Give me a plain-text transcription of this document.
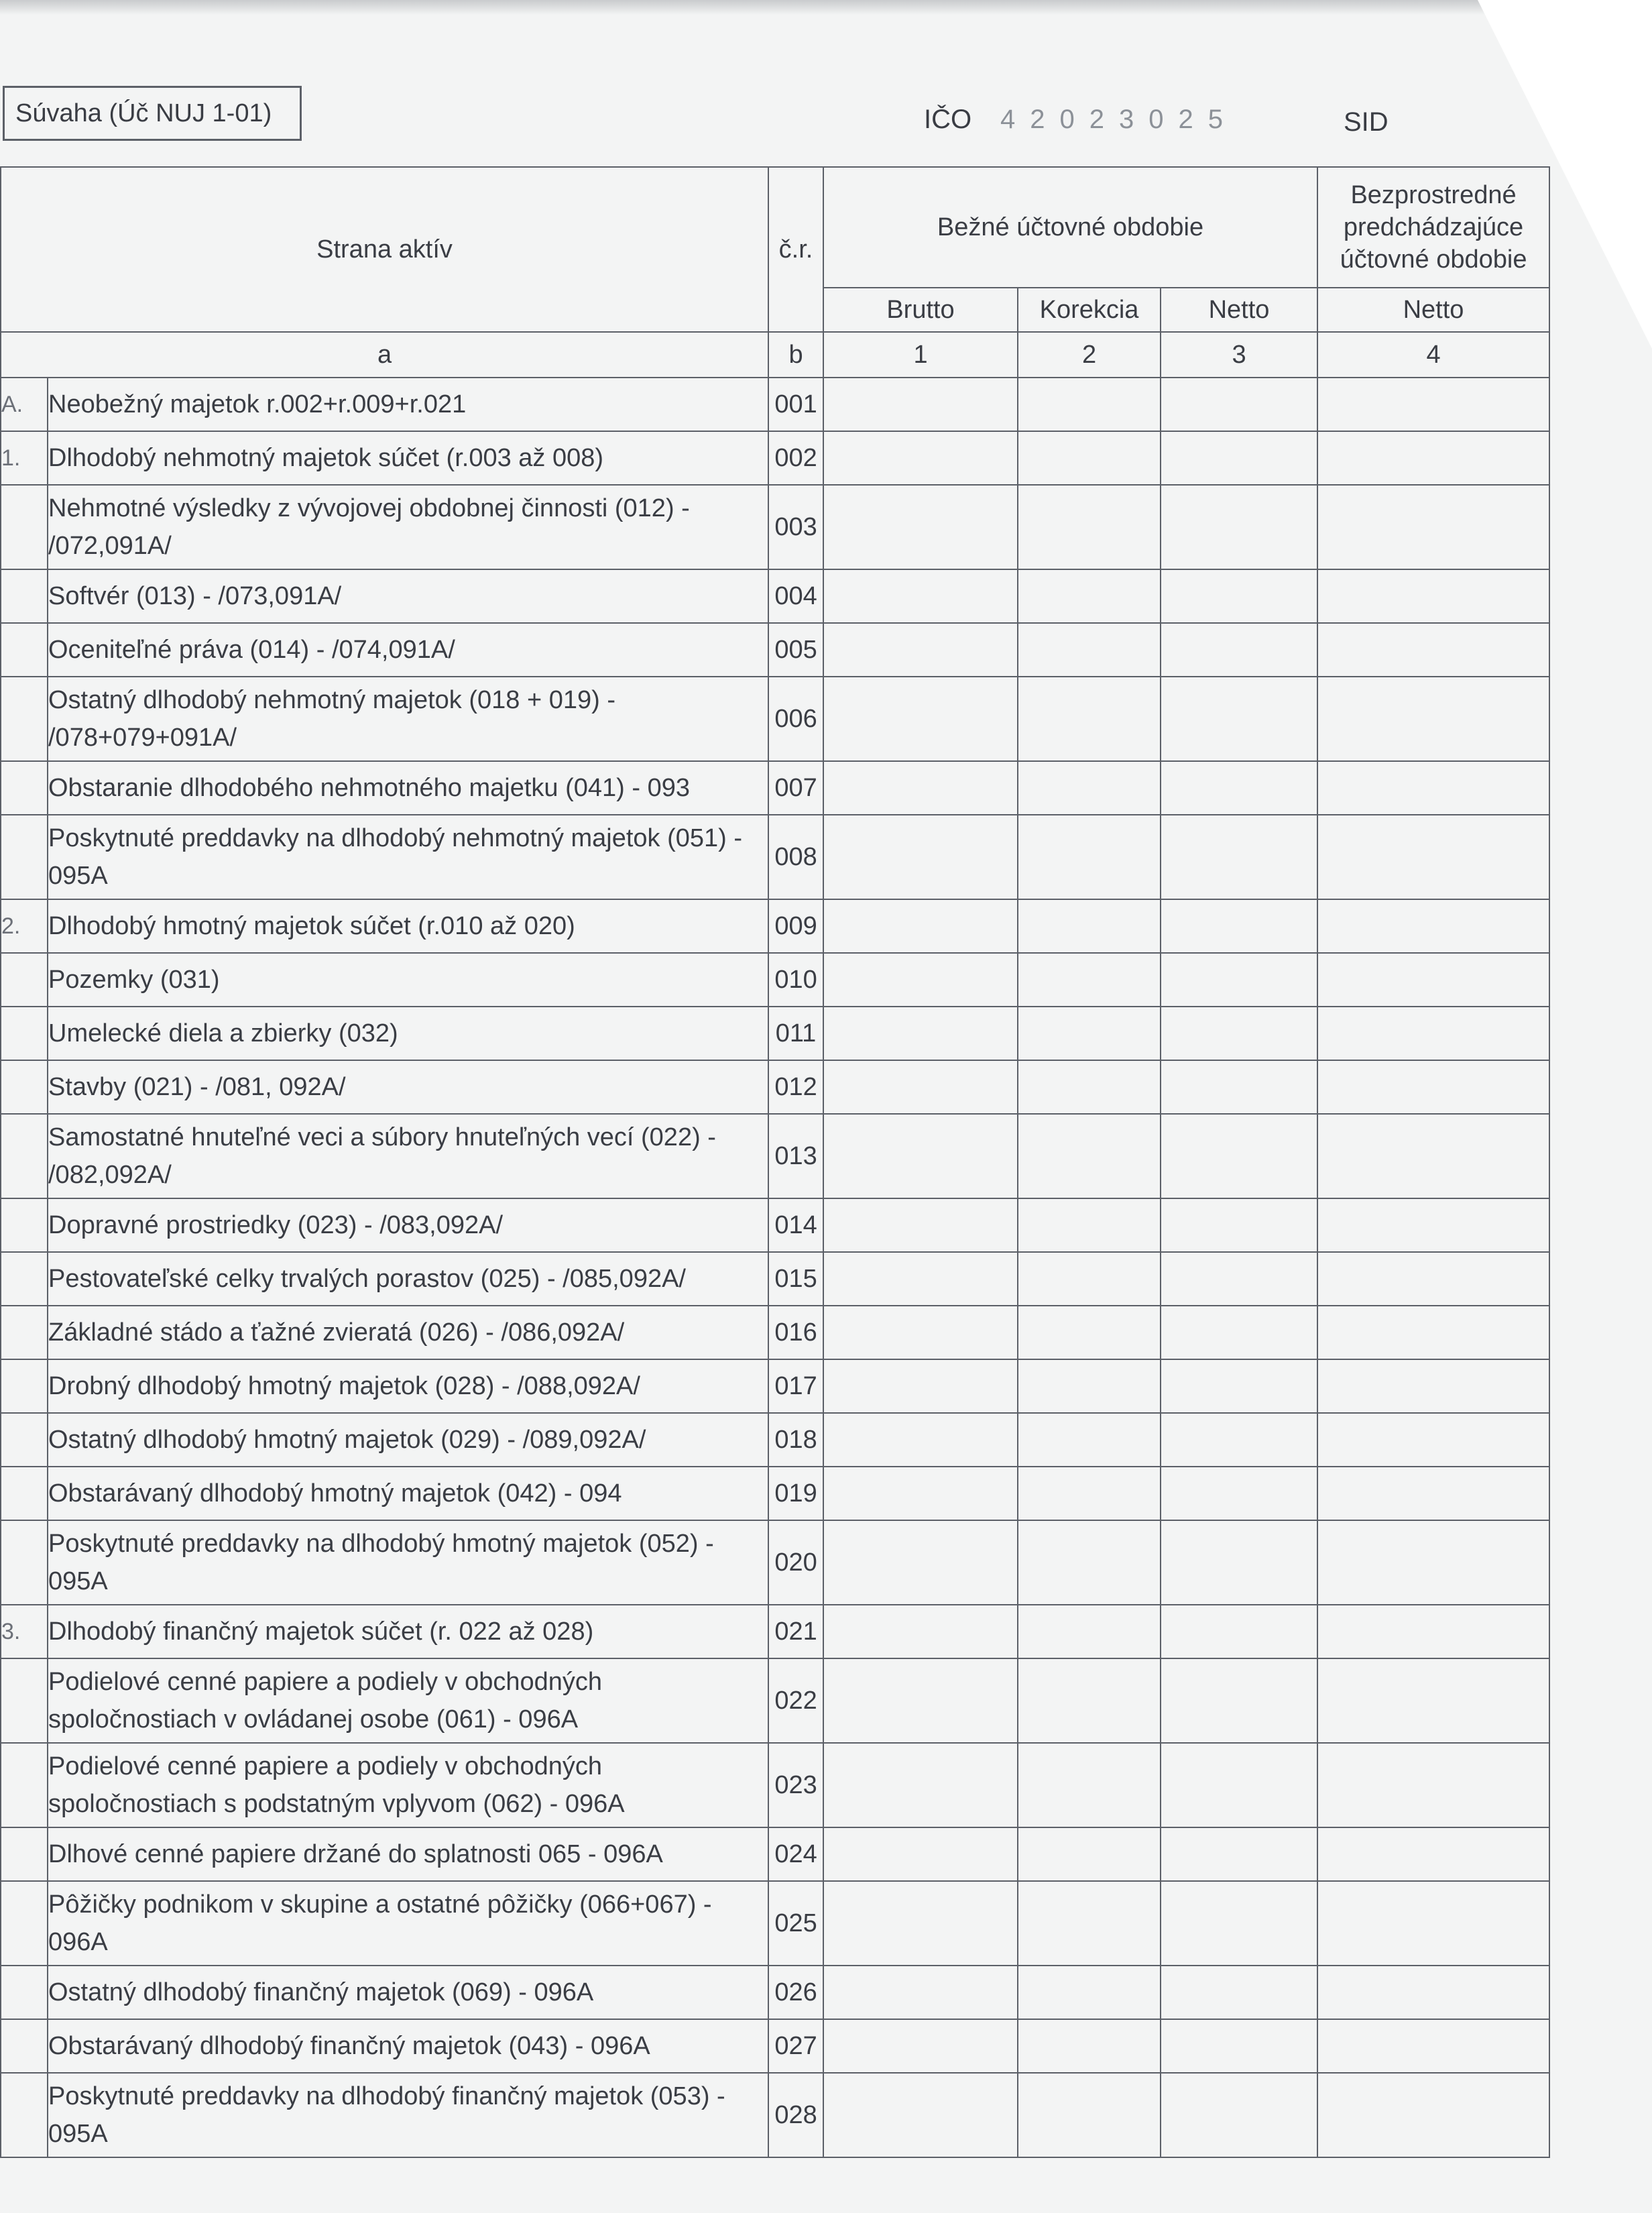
Súvaha (Úč NUJ 1-01)	IČO 42023025	SID
Strana aktív		č.r.	Bežné účtovné obdobie			Bezprostredné
predchádzajúce
účtovné obdobie

			Brutto	Korekcia	Netto	Netto
a		b	1	2	3	4
A.	Neobežný majetok r.002+r.009+r.021	001				
1.	Dlhodobý nehmotný majetok súčet (r.003 až 008)	002				
	Nehmotné výsledky z vývojovej obdobnej činnosti (012) - /072,091A/	003				
	Softvér (013) - /073,091A/	004				
	Oceniteľné práva (014) - /074,091A/	005				
	Ostatný dlhodobý nehmotný majetok (018 + 019) - /078+079+091A/	006				
	Obstaranie dlhodobého nehmotného majetku (041) - 093	007				
	Poskytnuté preddavky na dlhodobý nehmotný majetok (051) - 095A	008				
2.	Dlhodobý hmotný majetok súčet (r.010 až 020)	009				
	Pozemky (031)	010				
	Umelecké diela a zbierky (032)	011				
	Stavby (021) - /081, 092A/	012				
	Samostatné hnuteľné veci a súbory hnuteľných vecí (022) - /082,092A/	013				
	Dopravné prostriedky (023) - /083,092A/	014				
	Pestovateľské celky trvalých porastov (025) - /085,092A/	015				
	Základné stádo a ťažné zvieratá (026) - /086,092A/	016				
	Drobný dlhodobý hmotný majetok (028) - /088,092A/	017				
	Ostatný dlhodobý hmotný majetok (029) - /089,092A/	018				
	Obstarávaný dlhodobý hmotný majetok (042) - 094	019				
	Poskytnuté preddavky na dlhodobý hmotný majetok (052) - 095A	020				
3.	Dlhodobý finančný majetok súčet (r. 022 až 028)	021				
	Podielové cenné papiere a podiely v obchodných spoločnostiach v ovládanej osobe (061) - 096A	022				
	Podielové cenné papiere a podiely v obchodných spoločnostiach s podstatným vplyvom (062) - 096A	023				
	Dlhové cenné papiere držané do splatnosti 065 - 096A	024				
	Pôžičky podnikom v skupine a ostatné pôžičky (066+067) - 096A	025				
	Ostatný dlhodobý finančný majetok (069) - 096A	026				
	Obstarávaný dlhodobý finančný majetok (043) - 096A	027				
	Poskytnuté preddavky na dlhodobý finančný majetok (053) - 095A	028				
